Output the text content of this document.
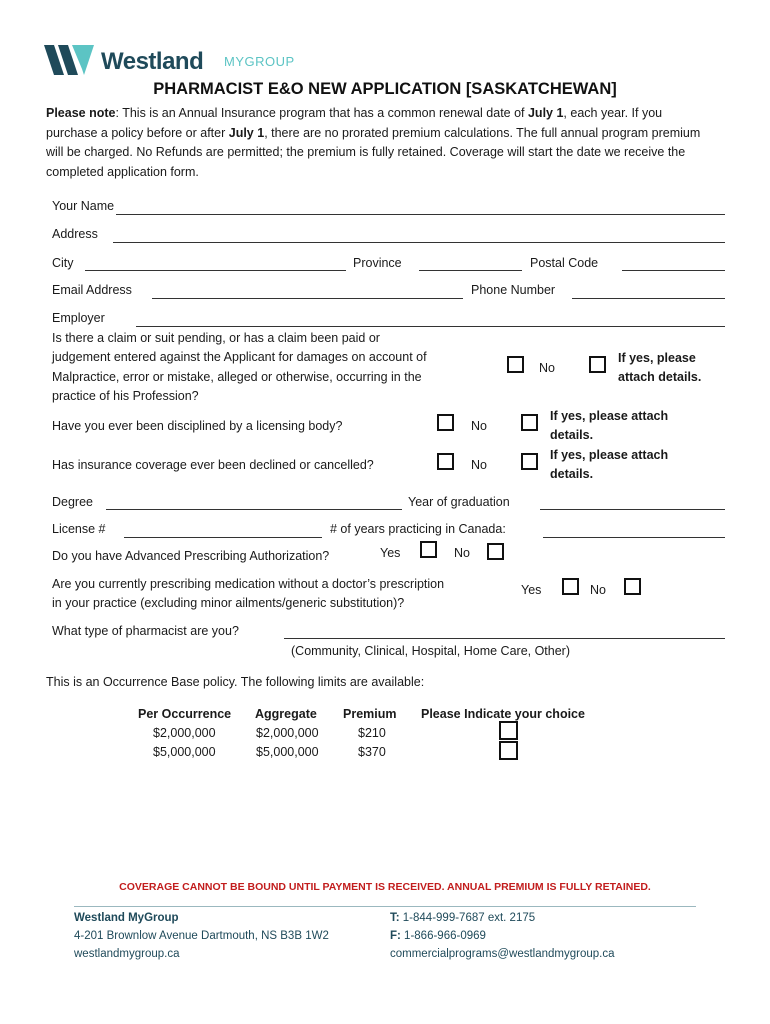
Westland MYGROUP
PHARMACIST E&O NEW APPLICATION [SASKATCHEWAN]
Please note: This is an Annual Insurance program that has a common renewal date of July 1, each year. If you purchase a policy before or after July 1, there are no prorated premium calculations. The full annual program premium will be charged. No Refunds are permitted; the premium is fully retained. Coverage will start the date we receive the completed application form.
Your Name
Address
City	Province	Postal Code
Email Address	Phone Number
Employer
Is there a claim or suit pending, or has a claim been paid or
judgement entered against the Applicant for damages on account of
Malpractice, error or mistake, alleged or otherwise, occurring in the
practice of his Profession?
No
If yes, please
attach details.
Have you ever been disciplined by a licensing body?	No
If yes, please attach
details.
Has insurance coverage ever been declined or cancelled?	No
If yes, please attach
details.
Degree	Year of graduation
License #	# of years practicing in Canada:
Do you have Advanced Prescribing Authorization?	Yes	No
Are you currently prescribing medication without a doctor’s prescription
in your practice (excluding minor ailments/generic substitution)?
Yes	No
What type of pharmacist are you?
(Community, Clinical, Hospital, Home Care, Other)
This is an Occurrence Base policy. The following limits are available:
Per Occurrence Aggregate Premium Please Indicate your choice
$2,000,000	$2,000,000	$210
$5,000,000	$5,000,000	$370
COVERAGE CANNOT BE BOUND UNTIL PAYMENT IS RECEIVED. ANNUAL PREMIUM IS FULLY RETAINED.
Westland MyGroup
4-201 Brownlow Avenue Dartmouth, NS B3B 1W2
westlandmygroup.ca
T: 1-844-999-7687 ext. 2175
F: 1-866-966-0969
commercialprograms@westlandmygroup.ca
